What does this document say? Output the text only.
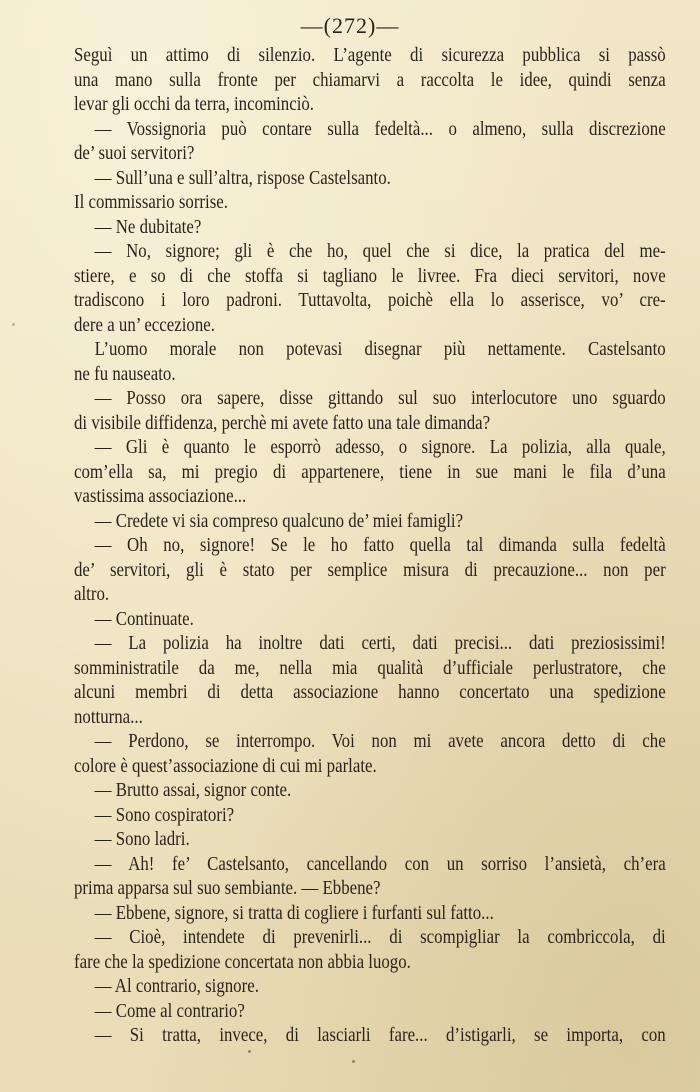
—(272)—
Seguì un attimo di silenzio. L’agente di sicurezza pubblica si passò
una mano sulla fronte per chiamarvi a raccolta le idee, quindi senza
levar gli occhi da terra, incominciò.
— Vossignoria può contare sulla fedeltà... o almeno, sulla discrezione
de’ suoi servitori?
— Sull’una e sull’altra, rispose Castelsanto.
Il commissario sorrise.
— Ne dubitate?
— No, signore; gli è che ho, quel che si dice, la pratica del me-
stiere, e so di che stoffa si tagliano le livree. Fra dieci servitori, nove
tradiscono i loro padroni. Tuttavolta, poichè ella lo asserisce, vo’ cre-
dere a un’ eccezione.
L’uomo morale non potevasi disegnar più nettamente. Castelsanto
ne fu nauseato.
— Posso ora sapere, disse gittando sul suo interlocutore uno sguardo
di visibile diffidenza, perchè mi avete fatto una tale dimanda?
— Gli è quanto le esporrò adesso, o signore. La polizia, alla quale,
com’ella sa, mi pregio di appartenere, tiene in sue mani le fila d’una
vastissima associazione...
— Credete vi sia compreso qualcuno de’ miei famigli?
— Oh no, signore! Se le ho fatto quella tal dimanda sulla fedeltà
de’ servitori, gli è stato per semplice misura di precauzione... non per
altro.
— Continuate.
— La polizia ha inoltre dati certi, dati precisi... dati preziosissimi!
somministratile da me, nella mia qualità d’ufficiale perlustratore, che
alcuni membri di detta associazione hanno concertato una spedizione
notturna...
— Perdono, se interrompo. Voi non mi avete ancora detto di che
colore è quest’associazione di cui mi parlate.
— Brutto assai, signor conte.
— Sono cospiratori?
— Sono ladri.
— Ah! fe’ Castelsanto, cancellando con un sorriso l’ansietà, ch’era
prima apparsa sul suo sembiante. — Ebbene?
— Ebbene, signore, si tratta di cogliere i furfanti sul fatto...
— Cioè, intendete di prevenirli... di scompigliar la combriccola, di
fare che la spedizione concertata non abbia luogo.
— Al contrario, signore.
— Come al contrario?
— Si tratta, invece, di lasciarli fare... d’istigarli, se importa, con
